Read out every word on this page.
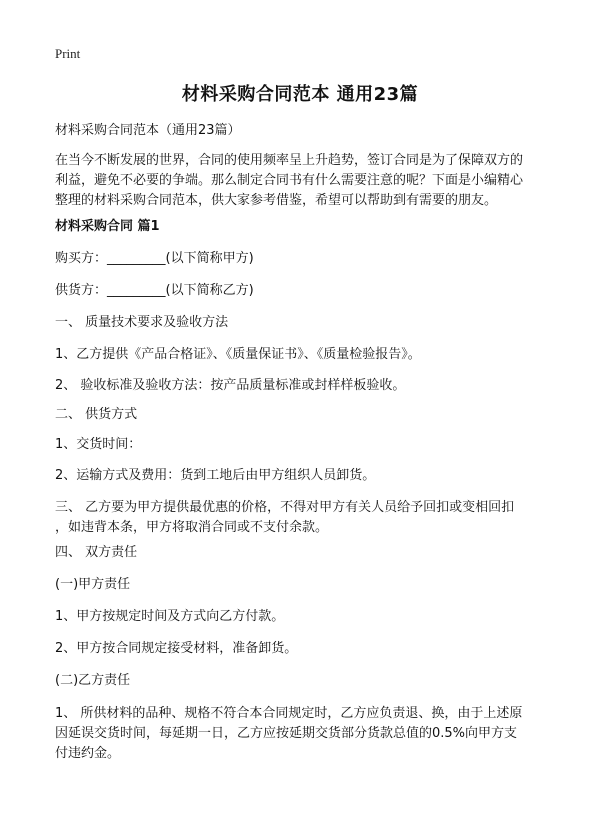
Print
材料采购合同范本 通用23篇
材料采购合同范本（通用23篇）
在当今不断发展的世界，合同的使用频率呈上升趋势，签订合同是为了保障双方的
利益，避免不必要的争端。那么制定合同书有什么需要注意的呢？下面是小编精心
整理的材料采购合同范本，供大家参考借鉴，希望可以帮助到有需要的朋友。
材料采购合同 篇1
购买方：_________(以下简称甲方)
供货方：_________(以下简称乙方)
一、 质量技术要求及验收方法
1、乙方提供《产品合格证》、《质量保证书》、《质量检验报告》。
2、 验收标准及验收方法：按产品质量标准或封样样板验收。
二、 供货方式
1、交货时间：
2、运输方式及费用：货到工地后由甲方组织人员卸货。
三、 乙方要为甲方提供最优惠的价格，不得对甲方有关人员给予回扣或变相回扣
，如违背本条，甲方将取消合同或不支付余款。
四、 双方责任
(一)甲方责任
1、甲方按规定时间及方式向乙方付款。
2、甲方按合同规定接受材料，准备卸货。
(二)乙方责任
1、 所供材料的品种、规格不符合本合同规定时，乙方应负责退、换，由于上述原
因延误交货时间，每延期一日，乙方应按延期交货部分货款总值的0.5%向甲方支
付违约金。
